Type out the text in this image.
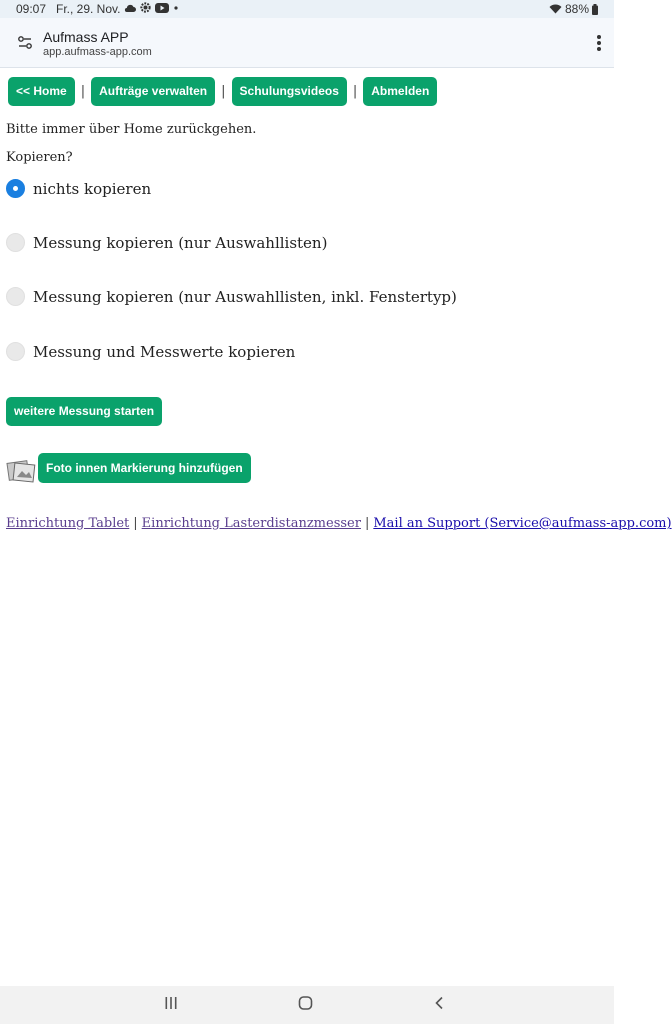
09:07 Fr., 29. Nov.	88%
Aufmass APP
app.aufmass-app.com
<< Home	|	Aufträge verwalten	|	Schulungsvideos	|	Abmelden
Bitte immer über Home zurückgehen.
Kopieren?
nichts kopieren
Messung kopieren (nur Auswahllisten)
Messung kopieren (nur Auswahllisten, inkl. Fenstertyp)
Messung und Messwerte kopieren
weitere Messung starten
Foto innen Markierung hinzufügen
Einrichtung Tablet | Einrichtung Lasterdistanzmesser | Mail an Support (Service@aufmass-app.com)
